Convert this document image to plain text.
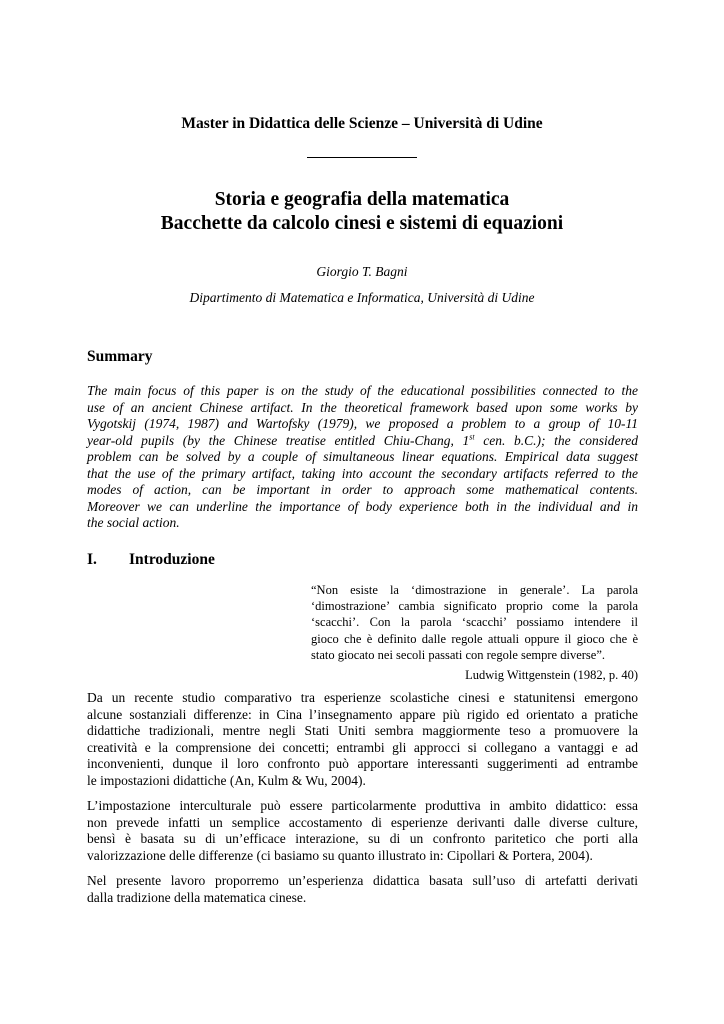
Master in Didattica delle Scienze – Università di Udine
Storia e geografia della matematica
Bacchette da calcolo cinesi e sistemi di equazioni
Giorgio T. Bagni
Dipartimento di Matematica e Informatica, Università di Udine
Summary

The main focus of this paper is on the study of the educational possibilities connected to the
use of an ancient Chinese artifact. In the theoretical framework based upon some works by
Vygotskij (1974, 1987) and Wartofsky (1979), we proposed a problem to a group of 10-11
year-old pupils (by the Chinese treatise entitled Chiu-Chang, 1st cen. b.C.); the considered
problem can be solved by a couple of simultaneous linear equations. Empirical data suggest
that the use of the primary artifact, taking into account the secondary artifacts referred to the
modes of action, can be important in order to approach some mathematical contents.
Moreover we can underline the importance of body experience both in the individual and in
the social action.

I. Introduzione

“Non esiste la ‘dimostrazione in generale’. La parola
‘dimostrazione’ cambia significato proprio come la parola
‘scacchi’. Con la parola ‘scacchi’ possiamo intendere il
gioco che è definito dalle regole attuali oppure il gioco che è
stato giocato nei secoli passati con regole sempre diverse”.

Ludwig Wittgenstein (1982, p. 40)

Da un recente studio comparativo tra esperienze scolastiche cinesi e statunitensi emergono
alcune sostanziali differenze: in Cina l’insegnamento appare più rigido ed orientato a pratiche
didattiche tradizionali, mentre negli Stati Uniti sembra maggiormente teso a promuovere la
creatività e la comprensione dei concetti; entrambi gli approcci si collegano a vantaggi e ad
inconvenienti, dunque il loro confronto può apportare interessanti suggerimenti ad entrambe
le impostazioni didattiche (An, Kulm & Wu, 2004).

L’impostazione interculturale può essere particolarmente produttiva in ambito didattico: essa
non prevede infatti un semplice accostamento di esperienze derivanti dalle diverse culture,
bensì è basata su di un’efficace interazione, su di un confronto paritetico che porti alla
valorizzazione delle differenze (ci basiamo su quanto illustrato in: Cipollari & Portera, 2004).

Nel presente lavoro proporremo un’esperienza didattica basata sull’uso di artefatti derivati
dalla tradizione della matematica cinese.
